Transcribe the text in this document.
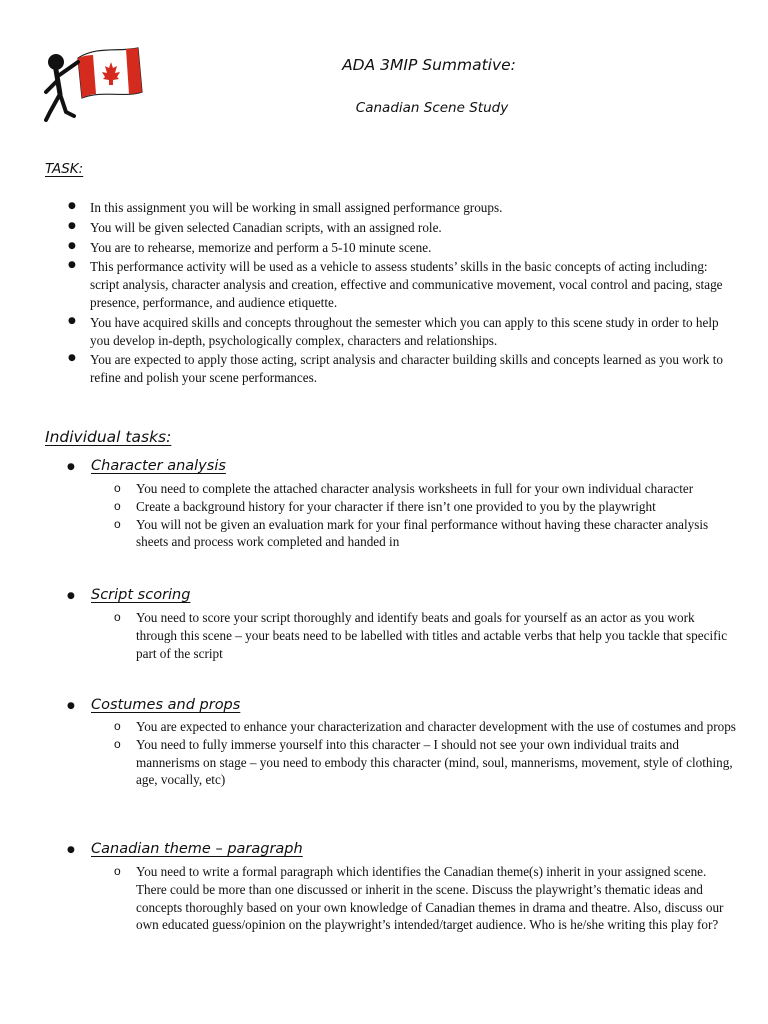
ADA 3MIP Summative:
Canadian Scene Study
TASK:
● In this assignment you will be working in small assigned performance groups.
● You will be given selected Canadian scripts, with an assigned role.
● You are to rehearse, memorize and perform a 5-10 minute scene.
● This performance activity will be used as a vehicle to assess students’ skills in the basic concepts of acting including: script analysis, character analysis and creation, effective and communicative movement, vocal control and pacing, stage presence, performance, and audience etiquette.
● You have acquired skills and concepts throughout the semester which you can apply to this scene study in order to help you develop in-depth, psychologically complex, characters and relationships.
● You are expected to apply those acting, script analysis and character building skills and concepts learned as you work to refine and polish your scene performances.
Individual tasks:
● Character analysis
o You need to complete the attached character analysis worksheets in full for your own individual character
o Create a background history for your character if there isn’t one provided to you by the playwright
o You will not be given an evaluation mark for your final performance without having these character analysis sheets and process work completed and handed in
● Script scoring
o You need to score your script thoroughly and identify beats and goals for yourself as an actor as you work through this scene – your beats need to be labelled with titles and actable verbs that help you tackle that specific part of the script
● Costumes and props
o You are expected to enhance your characterization and character development with the use of costumes and props
o You need to fully immerse yourself into this character – I should not see your own individual traits and mannerisms on stage – you need to embody this character (mind, soul, mannerisms, movement, style of clothing, age, vocally, etc)
● Canadian theme – paragraph
o You need to write a formal paragraph which identifies the Canadian theme(s) inherit in your assigned scene. There could be more than one discussed or inherit in the scene. Discuss the playwright’s thematic ideas and concepts thoroughly based on your own knowledge of Canadian themes in drama and theatre. Also, discuss our own educated guess/opinion on the playwright’s intended/target audience. Who is he/she writing this play for?
